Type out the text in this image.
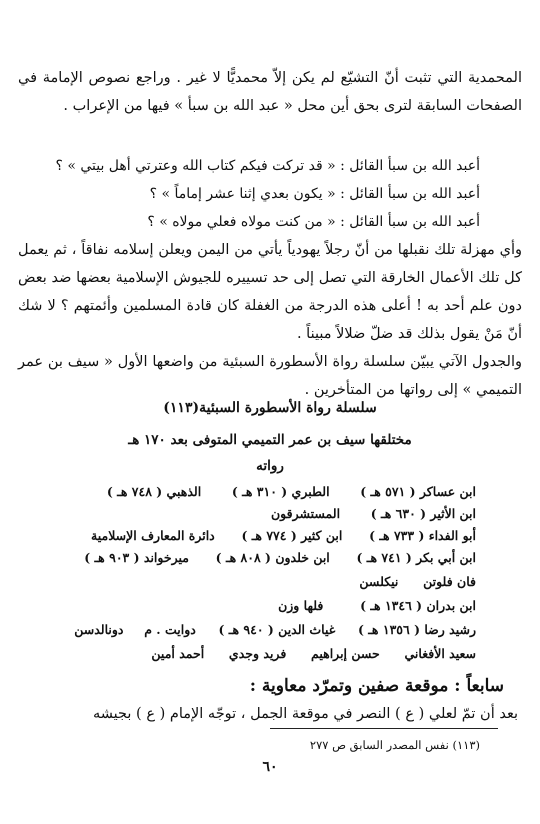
المحمدية التي تثبت أنّ التشيّع لم يكن إلاّ محمديًّا لا غير . وراجع نصوص الإمامة في الصفحات السابقة لترى بحق أين محل « عبد الله بن سبأ » فيها من الإعراب .
أعبد الله بن سبأ القائل : « قد تركت فيكم كتاب الله وعترتي أهل بيتي » ؟
أعبد الله بن سبأ القائل : « يكون بعدي إثنا عشر إماماً » ؟
أعبد الله بن سبأ القائل : « من كنت مولاه فعلي مولاه » ؟
وأي مهزلة تلك نقبلها من أنّ رجلاً يهودياً يأتي من اليمن ويعلن إسلامه نفاقاً ، ثم يعمل كل تلك الأعمال الخارقة التي تصل إلى حد تسييره للجيوش الإسلامية بعضها ضد بعض دون علم أحد به ! أعلى هذه الدرجة من الغفلة كان قادة المسلمين وأئمتهم ؟ لا شك أنّ مَنْ يقول بذلك قد ضلّ ضلالاً مبيناً .
والجدول الآتي يبيّن سلسلة رواة الأسطورة السبئية من واضعها الأول « سيف بن عمر التميمي » إلى رواتها من المتأخرين .
سلسلة رواة الأسطورة السبئية(١١٣)
مختلقها سيف بن عمر التميمي المتوفى بعد ١٧٠ هـ
رواته
ابن عساكر ( ٥٧١ هـ )  الطبري ( ٣١٠ هـ )  الذهبي ( ٧٤٨ هـ )
ابن الأثير ( ٦٣٠ هـ )  المستشرقون
أبو الفداء ( ٧٣٣ هـ )  ابن كثير ( ٧٧٤ هـ )  دائرة المعارف الإسلامية
ابن أبي بكر ( ٧٤١ هـ )  ابن خلدون ( ٨٠٨ هـ )  ميرخواند ( ٩٠٣ هـ )
فان فلوتن  نيكلسن
ابن بدران ( ١٣٤٦ هـ )  فلها وزن
رشيد رضا ( ١٣٥٦ هـ )  غياث الدين ( ٩٤٠ هـ )  دوايت . م  دونالدسن
سعيد الأفغاني  حسن إبراهيم  فريد وجدي  أحمد أمين
سابعاً : موقعة صفين وتمرّد معاوية :
بعد أن تمّ لعلي ( ع ) النصر في موقعة الجمل ، توجّه الإمام ( ع ) بجيشه
(١١٣) نفس المصدر السابق ص ٢٧٧
٦٠
